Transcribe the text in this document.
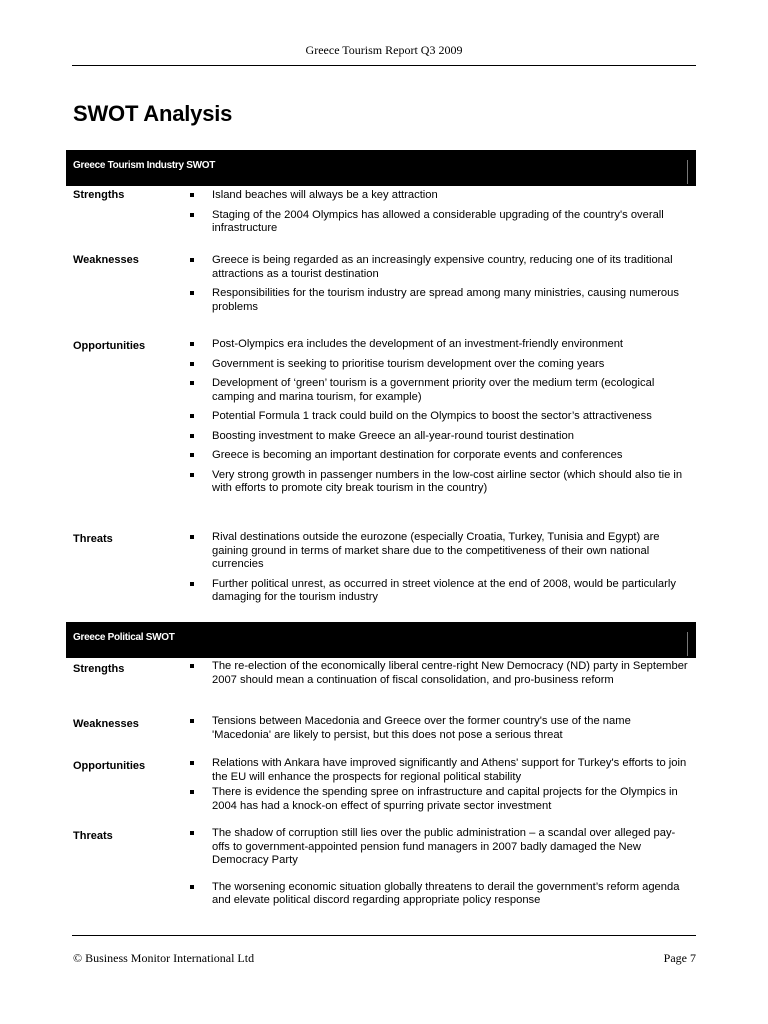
Greece Tourism Report Q3 2009
SWOT Analysis
Greece Tourism Industry SWOT
Strengths	Island beaches will always be a key attraction
Staging of the 2004 Olympics has allowed a considerable upgrading of the country's overall infrastructure
Weaknesses	Greece is being regarded as an increasingly expensive country, reducing one of its traditional attractions as a tourist destination
Responsibilities for the tourism industry are spread among many ministries, causing numerous problems
Opportunities	Post-Olympics era includes the development of an investment-friendly environment
Government is seeking to prioritise tourism development over the coming years
Development of ‘green’ tourism is a government priority over the medium term (ecological camping and marina tourism, for example)
Potential Formula 1 track could build on the Olympics to boost the sector’s attractiveness
Boosting investment to make Greece an all-year-round tourist destination
Greece is becoming an important destination for corporate events and conferences
Very strong growth in passenger numbers in the low-cost airline sector (which should also tie in with efforts to promote city break tourism in the country)
Threats	Rival destinations outside the eurozone (especially Croatia, Turkey, Tunisia and Egypt) are gaining ground in terms of market share due to the competitiveness of their own national currencies
Further political unrest, as occurred in street violence at the end of 2008, would be particularly damaging for the tourism industry
Greece Political SWOT
Strengths	The re-election of the economically liberal centre-right New Democracy (ND) party in September 2007 should mean a continuation of fiscal consolidation, and pro-business reform
Weaknesses	Tensions between Macedonia and Greece over the former country's use of the name 'Macedonia' are likely to persist, but this does not pose a serious threat
Opportunities	Relations with Ankara have improved significantly and Athens' support for Turkey's efforts to join the EU will enhance the prospects for regional political stability
There is evidence the spending spree on infrastructure and capital projects for the Olympics in 2004 has had a knock-on effect of spurring private sector investment
Threats	The shadow of corruption still lies over the public administration – a scandal over alleged pay-offs to government-appointed pension fund managers in 2007 badly damaged the New Democracy Party
The worsening economic situation globally threatens to derail the government’s reform agenda and elevate political discord regarding appropriate policy response
© Business Monitor International Ltd	Page 7
